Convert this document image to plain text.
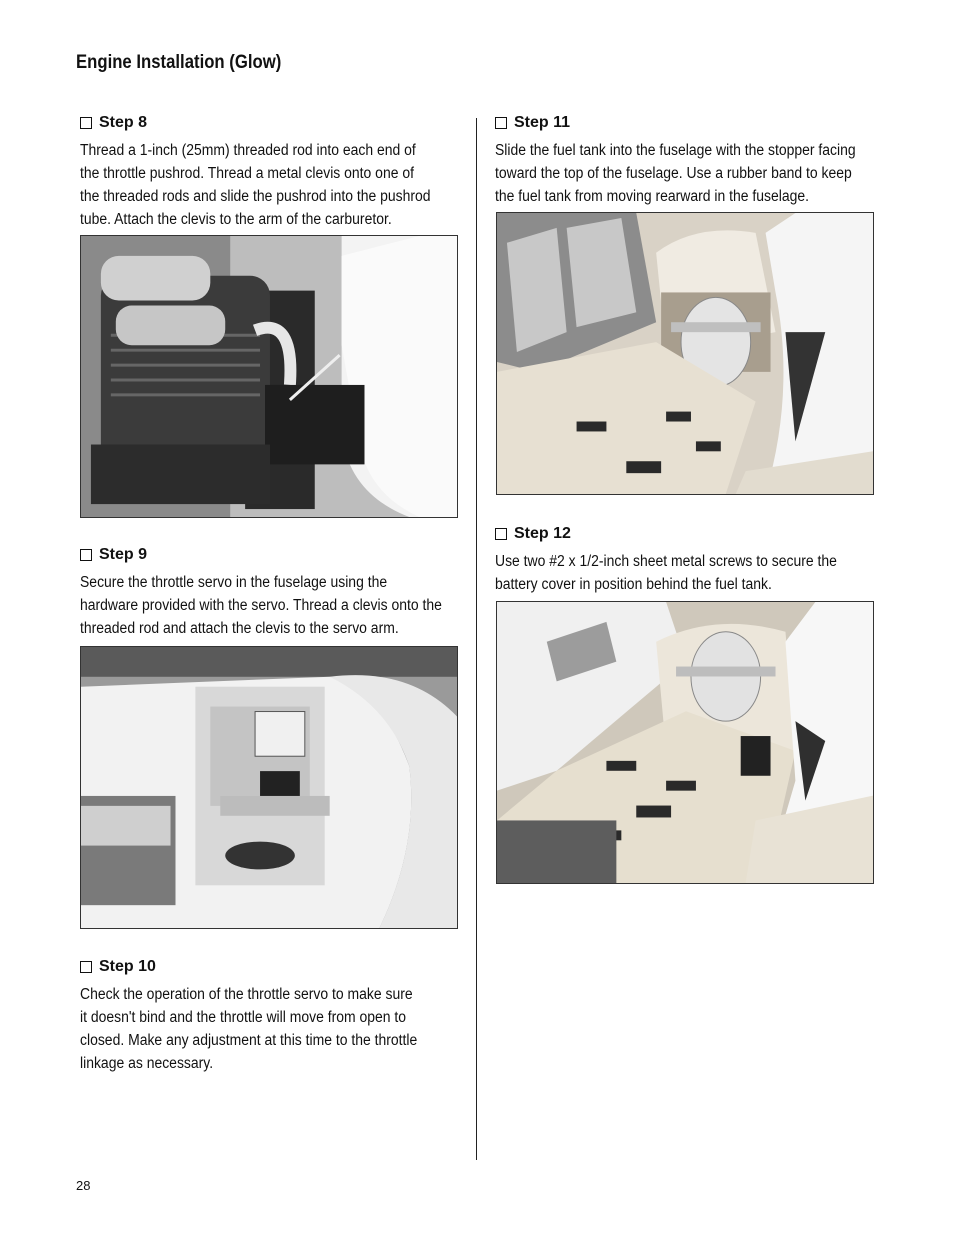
Engine Installation (Glow)
Step 8
Thread a 1-inch (25mm) threaded rod into each end of
the throttle pushrod. Thread a metal clevis onto one of
the threaded rods and slide the pushrod into the pushrod
tube. Attach the clevis to the arm of the carburetor.
Step 9
Secure the throttle servo in the fuselage using the
hardware provided with the servo. Thread a clevis onto the
threaded rod and attach the clevis to the servo arm.
Step 10
Check the operation of the throttle servo to make sure
it doesn't bind and the throttle will move from open to
closed. Make any adjustment at this time to the throttle
linkage as necessary.
Step 11
Slide the fuel tank into the fuselage with the stopper facing
toward the top of the fuselage. Use a rubber band to keep
the fuel tank from moving rearward in the fuselage.
Step 12
Use two #2 x 1/2-inch sheet metal screws to secure the
battery cover in position behind the fuel tank.
28
